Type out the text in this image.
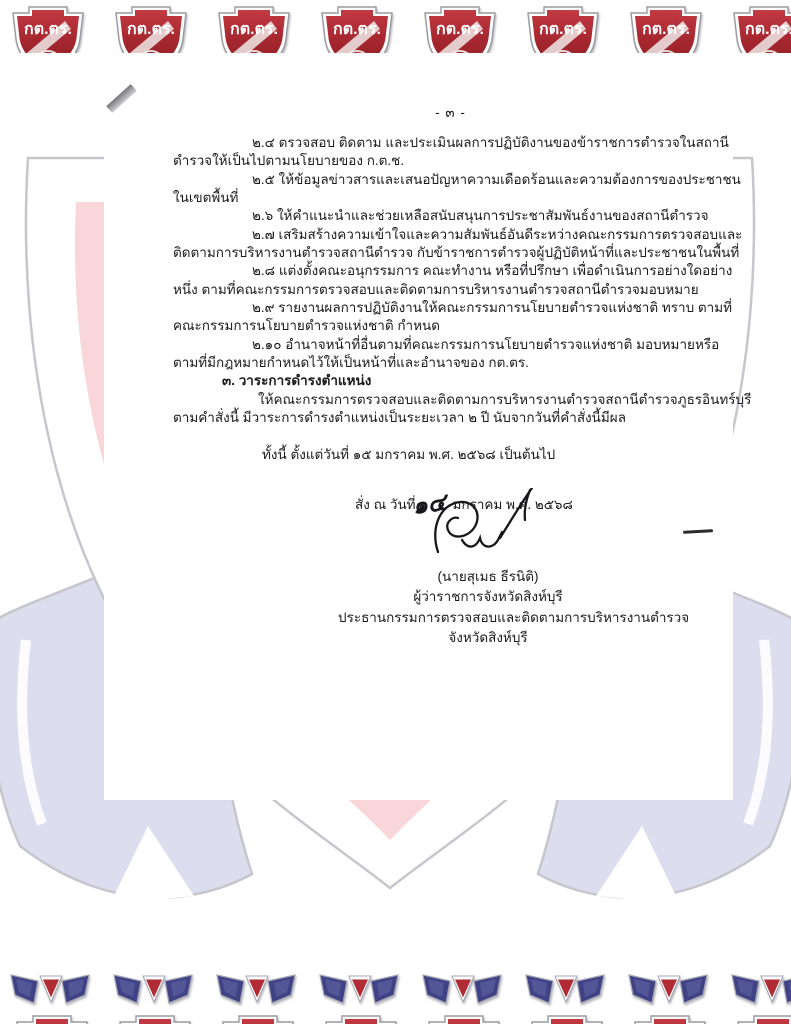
- ๓ -
๒.๔ ตรวจสอบ ติดตาม และประเมินผลการปฏิบัติงานของข้าราชการตำรวจในสถานี
ตำรวจให้เป็นไปตามนโยบายของ ก.ต.ช.
๒.๕ ให้ข้อมูลข่าวสารและเสนอปัญหาความเดือดร้อนและความต้องการของประชาชน
ในเขตพื้นที่
๒.๖ ให้คำแนะนำและช่วยเหลือสนับสนุนการประชาสัมพันธ์งานของสถานีตำรวจ
๒.๗ เสริมสร้างความเข้าใจและความสัมพันธ์อันดีระหว่างคณะกรรมการตรวจสอบและ
ติดตามการบริหารงานตำรวจสถานีตำรวจ กับข้าราชการตำรวจผู้ปฏิบัติหน้าที่และประชาชนในพื้นที่
๒.๘ แต่งตั้งคณะอนุกรรมการ คณะทำงาน หรือที่ปรึกษา เพื่อดำเนินการอย่างใดอย่าง
หนึ่ง ตามที่คณะกรรมการตรวจสอบและติดตามการบริหารงานตำรวจสถานีตำรวจมอบหมาย
๒.๙ รายงานผลการปฏิบัติงานให้คณะกรรมการนโยบายตำรวจแห่งชาติ ทราบ ตามที่
คณะกรรมการนโยบายตำรวจแห่งชาติ กำหนด
๒.๑๐ อำนาจหน้าที่อื่นตามที่คณะกรรมการนโยบายตำรวจแห่งชาติ มอบหมายหรือ
ตามที่มีกฎหมายกำหนดไว้ให้เป็นหน้าที่และอำนาจของ กต.ตร.
๓. วาระการดำรงตำแหน่ง
ให้คณะกรรมการตรวจสอบและติดตามการบริหารงานตำรวจสถานีตำรวจภูธรอินทร์บุรี
ตามคำสั่งนี้ มีวาระการดำรงตำแหน่งเป็นระยะเวลา ๒ ปี นับจากวันที่คำสั่งนี้มีผล
ทั้งนี้ ตั้งแต่วันที่ ๑๕ มกราคม พ.ศ. ๒๕๖๘ เป็นต้นไป
สั่ง ณ วันที่ ๑๔ มกราคม พ.ศ. ๒๕๖๘
(นายสุเมธ ธีรนิติ)
ผู้ว่าราชการจังหวัดสิงห์บุรี
ประธานกรรมการตรวจสอบและติดตามการบริหารงานตำรวจ
จังหวัดสิงห์บุรี
